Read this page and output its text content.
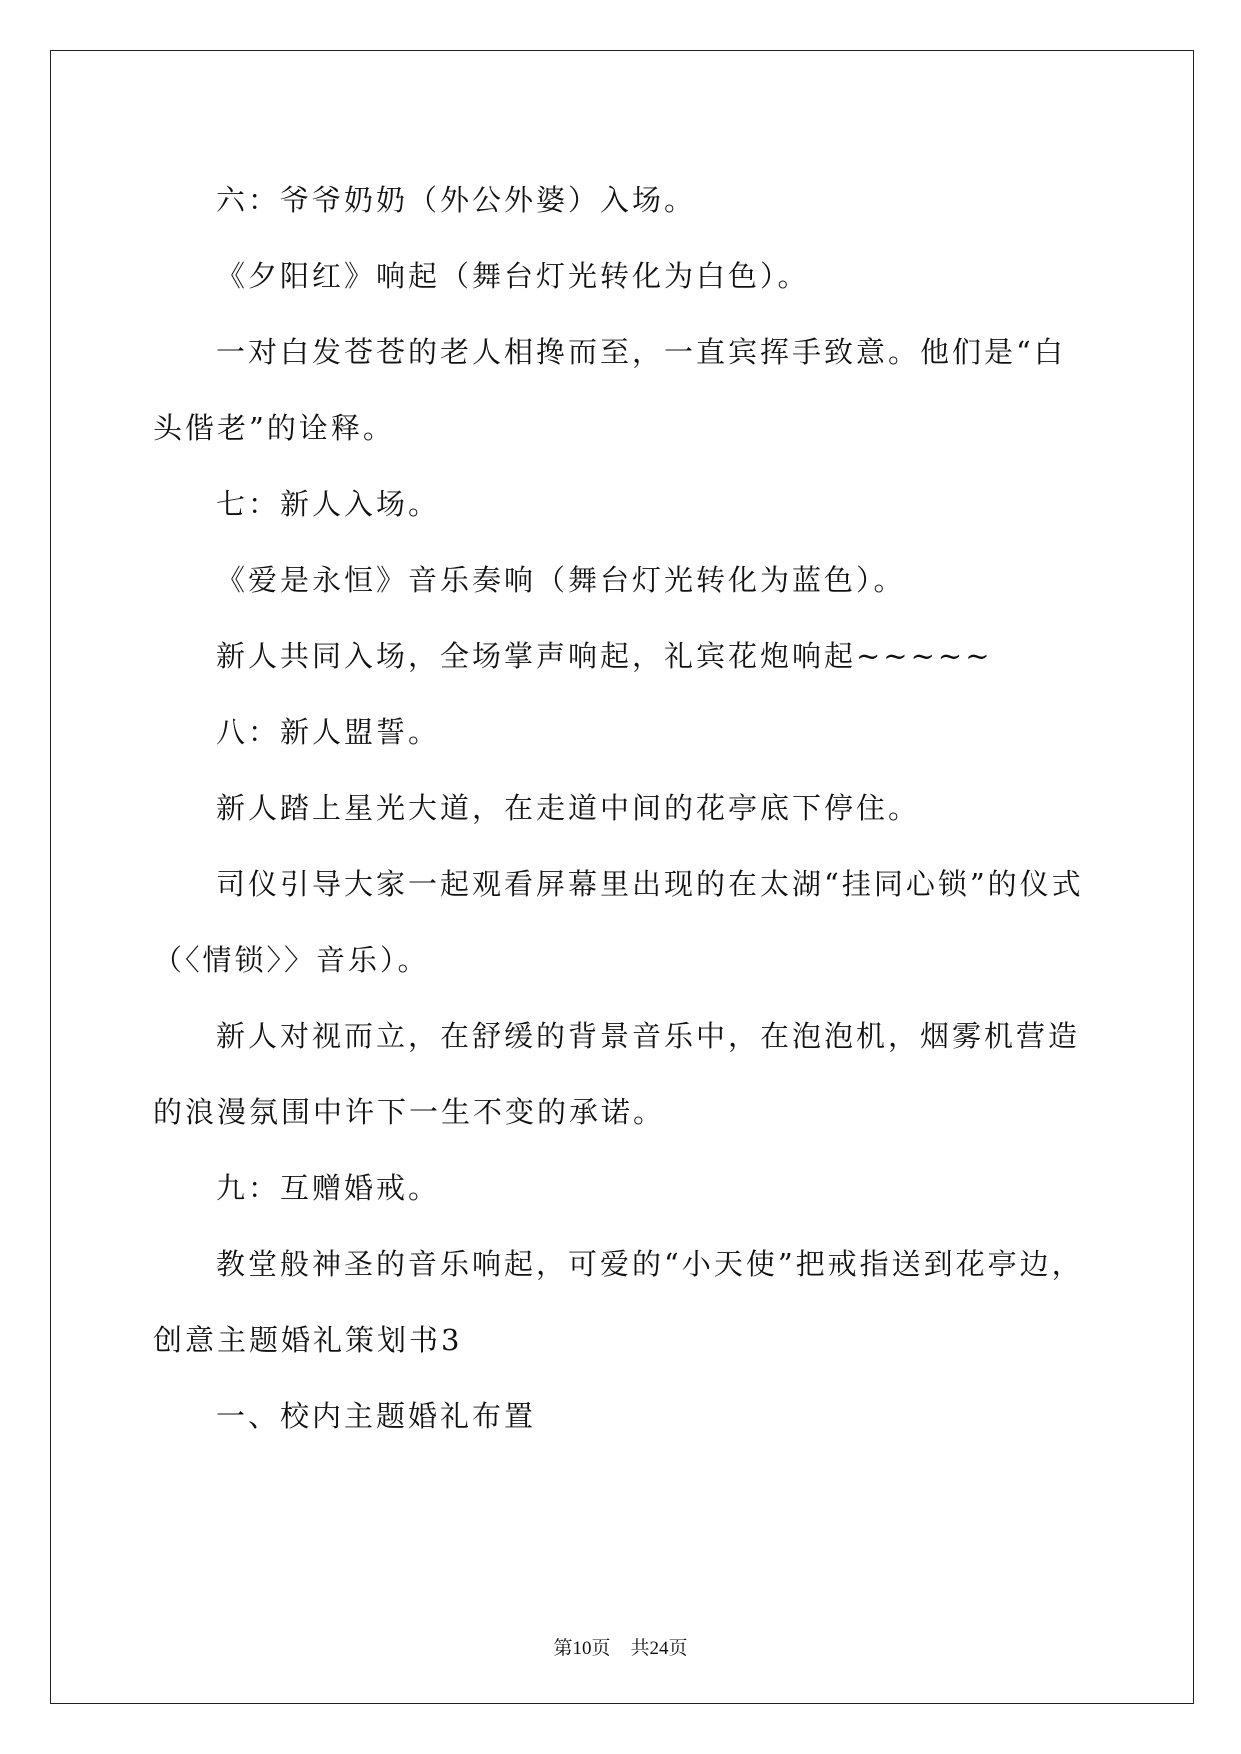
六：爷爷奶奶（外公外婆）入场。

《夕阳红》响起（舞台灯光转化为白色）。

一对白发苍苍的老人相搀而至，一直宾挥手致意。他们是“白头偕老”的诠释。

七：新人入场。

《爱是永恒》音乐奏响（舞台灯光转化为蓝色）。

新人共同入场，全场掌声响起，礼宾花炮响起~~~~~

八：新人盟誓。

新人踏上星光大道，在走道中间的花亭底下停住。

司仪引导大家一起观看屏幕里出现的在太湖“挂同心锁”的仪式（〈情锁〉〉音乐）。

新人对视而立，在舒缓的背景音乐中，在泡泡机，烟雾机营造的浪漫氛围中许下一生不变的承诺。

九：互赠婚戒。

教堂般神圣的音乐响起，可爱的“小天使”把戒指送到花亭边，

创意主题婚礼策划书3

一、校内主题婚礼布置

第10页 共24页
